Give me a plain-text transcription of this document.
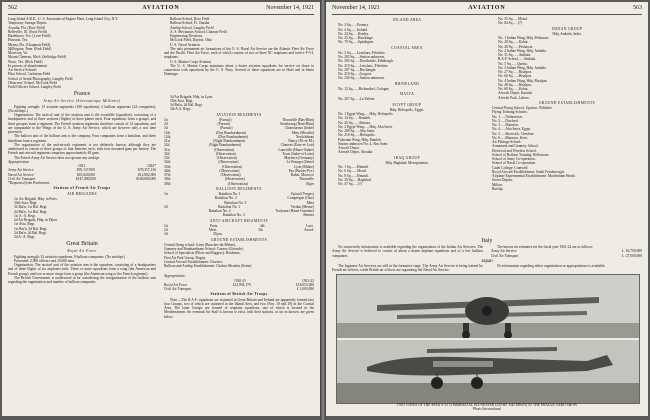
562	AVIATION	November 14, 1921

Long Island A.R.D., U. S. Aeronautical Engine Plant, Long Island City, N.Y.

Temporary Storage Depots

Arcadia, Fla. (Dorr Field)

Belleville, Ill. (Scott Field)

Hazelhurst, Tex. (Love Field)

Houston, Tex.

Miami, Fla. (Chapman Field)

Millington, Tenn. (Park Field)

Morrison, Va.

Mount Clemens, Mich. (Selfridge Field)

Waco, Tex. (Rich Field)

In process of abandonment

Air Service Schools

Pilot School, Carlstrom Field

School of Aerial Photography, Langley Field

Observers' School, McCook Field

Field Officers School, Langley Field

France
Army Air Service (Aéronautique Militaire)

Fighting strength: 15 aviation regiments (180 squadrons), 2 balloon regiments (24 companies), (No airships.)

Organization: The tactical unit of the aviation arm is the escadrille (squadron), consisting of a headquarters and of three sections (flights) of three planes each. Four squadrons form a groupe, and three groupes form a regiment. The French aviation regiments therefore consist of 12 squadrons, and are comparable to the Wings of the U. S. Army Air Service, which are however only a war time provision.

The balloon unit of the balloon arm is the company. Four companies form a battalion, and three battalions form a regiment.

The organization of the anti-aircraft regiments is not definitely known, although they are understood to consist of three groups of four batteries each, with four mounted guns per battery. The French anti-aircraft regiment comprises approximately 48 guns.

The French Army Air Service does not operate any airships.

Appropriation:

1921	1922*
Army Air Service	$70,137,000	$79,357,136
Naval Air Service	$10,620,000	$12,802,000
Civil Air Transport	$147,000,000	$160,680,000

*Requested from Parliament.

Stations of French Air Troops
AIR BRIGADES

1st Air Brigade, Hdq. in Paris.

34th Avia. Regt.

32 Bat'n, 1st Bal. Regt.

2d Bat'n, 1st Bal. Regt.

1st A.-A. Regt.

2d Air Brigade, Hdq. in Dijon.

1st Avia. Regt.

1st Bat'n, 2d Bal. Regt.

2d Bat'n, 2d Bal. Regt.

2d A.-A. Regt.

Great Britain
Royal Air Force

Fighting strength: 32 aviation squadrons, 9 balloon companies. (No airships.)

Personnel: 2,900 officers and 25,000 men.

Organization: The tactical unit of the aviation arm is the squadron, consisting of a headquarters and of three flights of six airplanes each. Three or more squadrons form a wing (the American and French group), and two or more wings form a group (the American wing or the French regiment).

The British Government is understood to be considering the reorganization of the balloon arm regarding the organization and number of balloon companies.

Balloon School, Ross Field

Balloon School, Ft. Omaha

Airship School, Langley Field

A. S. Mechanics School, Chanute Field

Engineering Divisions

McCook Field, Dayton, Ohio

U. S. Naval Aviation

The only permanent air formations of the U. S. Naval Air Service are the Atlantic Fleet Air Force and the Pacific Fleet Air Force, each of which consists of two or three NC seaplanes and twelve F-5-L seaplanes.

U. S. Marine Corps Aviation

The U. S. Marine Corps maintains about a dozen aviation squadrons for service on shore in connection with operations by the U. S. Navy. Several of these squadrons are in Haiti and in Santo Domingo.

3d Air Brigade, Hdq. in Lyon.

35th Avia. Regt.

3d Bat'n, 2d Bal. Regt.

3th A.A. Regt.

AVIATION REGIMENTS
1st	(Pursuit)	Thionville (Bas-Rhin)
2d	(Pursuit)	Strasbourg (Haut-Rhin)
3d	(Pursuit)	Chateauroux (Indre)
11th	(Day Bombardment)	Metz (Moselle)
12th	(Day Bombardment)	Neufchâteau
21st	(Night Bombardment)	Nancy (M.-et-M.)
22d	(Night Bombardment)	Chartres (Eure-et-Loir)
31st	(Observation)	Luneville (Haute-Saône)
32d	(Observation)	Tours (Indre-et-Loire)
33d	(Observation)	Mayence (Germany)
34th	(Observation)	Le Bourget (Seine)
35th	(Observation)	Lyon (Rhône)
36th	(Observation)	Pau (Basses-Pyr.)
37th	(Observation)	Rabat, Morocco
38th	(Observation)	Thionville
39th	(Observation)	Alger
BALLOON REGIMENTS
1st	Battalion No. 1	Epinal (Vosges)
Battalion No. 2	Compiègne (Oise)
Battalion No. 3	Metz
2d	Battalion No. 1	Verdun (Meuse)
Battalion No. 2	Toulouse (Haute-Garonne)
Battalion No. 3	Rennes
ANTI-AIRCRAFT REGIMENTS
1st	Paris.	4th	Lure.
2d	Metz.	5th	Avord.
3d	Dijon.
GROUND ESTABLISHMENTS

Central flying school: Istres (Bouches-du-Rhône).

Gunnery and Bombardment School: Cazaux (Gironde).

School of Specialists (Pilots and Riggers): Bordeaux.

First Air Park Group: Dugny.

Central Aircraft Establishment: Chartres.

Balloon and Airship Establishment: Chalais-Meudon (Seine).

Appropriation:

1920-21	1921-22
Royal Air Force	£22,992,170	£18,053,000
Civil Air Transport	£ 1,000,000
Stations of British Air Troops

Note.—The R.A.F. squadrons are stationed in Great Britain and Ireland are apparently formed into four Groups, two of which are stationed in the Inland Area, and two (Nos. 10 and 29) in the Coastal Area. The latter Groups are formed of seaplane squadrons, one of which is located in the Mediterranean. An eventual Air Staff is known to exist, with their stations, as far as known, are given below.

November 14, 1921	AVIATION	563
INLAND AREA

No. 2 Sq.......Fermoy.

No. 4 Sq.......Ireland.

No. 24 Sq......Kenley.

No. 25 Sq......Hawkinge.

No. 70 Sq......Spittlegate.

COASTAL AREA

No. 3 Sq.......Leuchars, Fifeshire.

No. 203 Sq......Station unknown.

No. 205 Sq......Donibristle, Edinburgh.

No. 210 Sq......Leuchars, Fifeshire.

No. 207 Sq......Birchanger.

No. 210 Sq......Gosport.

No. 230 Sq......Station unknown.

RHINELAND

No. 12 Sq.......Bickendorf, Cologne.

MALTA

No. 267 Sq......La Valetta.

EGYPT GROUP

Hdq. Heliopolis, Egypt.

No. 1 Egypt Wing......Hdq. Heliopolis.

No. 14 Sq.......Ramleh.

No. 45 Sq.......Almaza.

No. 2 Egypt Wing......Hdq. Abu Sueir.

No. 208 Sq......Abu Sueir.

No. 216 Sq......Heliopolis.

Palestine Wing: Hdq. Ramleh.

Station unknown No. 4, Abu Sueir.

Aircraft Depot.

Aircraft Depot, Aboukir.

IRAQ GROUP

Hdq. Baghdad, Mesopotamia.

No. 1 Sq.......Hinaidi.

No. 6 Sq.......Mosul.

No. 8 Sq.......Hinaidi.

No. 30 Sq......Baghdad.

No. 47 Sq......(?)

No. 55 Sq......Mosul.

No. 84 Sq......(?)

INDIAN GROUP

Hdq. Ambala, India.

No. 1 Indian Wing, Hdq. Peshawar.

No. 20 Sq.......Kohat.

No. 28 Sq.......Peshawar.

No. 2 Indian Wing, Hdq. Ambala.

No. 31 Sq.......Ambala.

R.A.F. School......Ambala.

No. 5 Sq.......Quetta.

No. 3 Indian Wing, Hdq. Ambala.

No. 27 Sq.......Risalpur.

No. 60 Sq.......Risalpur.

No. 4 Indian Wing, Hdq. Risalpur.

No. 48 Sq.......Risalpur.

No. 60 Sq.......Kohat.

Aircraft Depot, Karachi.

Aircraft Park, Lahore.

GROUND ESTABLISHMENTS

Central Flying School: Upavon, Wiltshire.

Flying Training Schools:

No. 1......Netheravon.

No. 2......Duxford.

No. 3......Manston.

No. 4......Abu Sueir, Egypt.

No. 5......Shotwick, Cheshire.

No. 6......Manston, Kent.

Air Pilotage School:

Armament and Gunnery School.

Electrical and Wireless School.

School of Balloon Training: Rollestone.

School of Army Co-operation.

School of Naval Co-operation.

Cadet College: Cranwell.

Royal Aircraft Establishment: South Farnborough.

Airplane Experimental Establishment: Martlesham Heath.

Stores Depots:

Milton.

Ruislip.

Italy

No trustworthy information is available regarding the organization of the Italian Air Services. The Army Air Service is believed to consist of about a dozen airplane squadrons and of a few balloon companies.

The known air estimates for the fiscal year 1921-22 are as follows:

Army Air Service	L. 63,700,000
Civil Air Transport	L. 27,000,000
Japan

The Japanese Air Services are still in the formative stage. The Army Air Service is being trained by French air officers, while British air officers are organizing the Naval Air Service.

No information regarding either organization or appropriations is available.

TWO VIEWS OF THE SPAD S-33 COMMERCIAL SIX-SEATER (250-HP. SALMSON) AT THE PRAGUE AERO SHOW
Photo International
